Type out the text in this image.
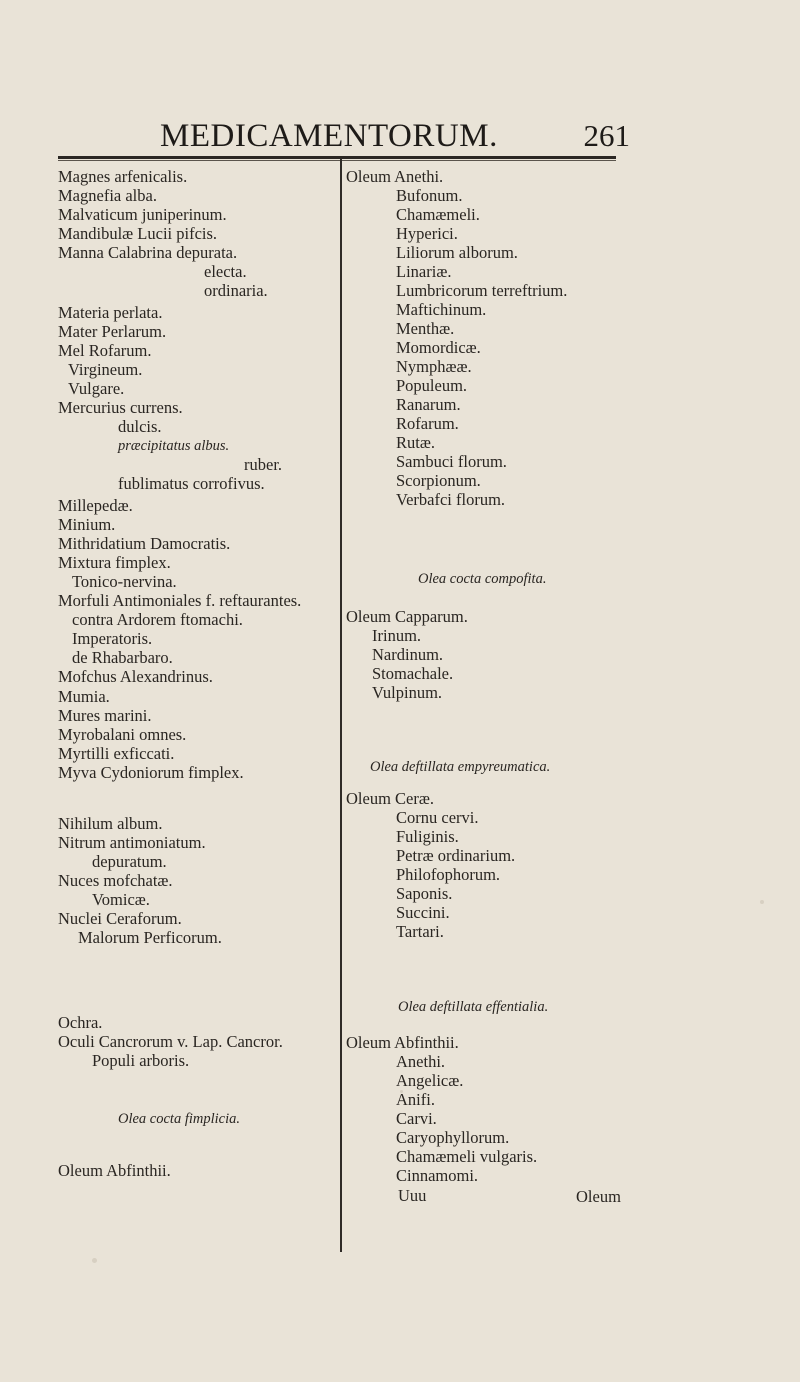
MEDICAMENTORUM.	261
Magnes arfenicalis.
Magnefia alba.
Malvaticum juniperinum.
Mandibulæ Lucii pifcis.
Manna Calabrina depurata.
electa.
ordinaria.
Materia perlata.
Mater Perlarum.
Mel Rofarum.
Virgineum.
Vulgare.
Mercurius currens.
dulcis.
præcipitatus albus.
ruber.
fublimatus corrofivus.
Millepedæ.
Minium.
Mithridatium Damocratis.
Mixtura fimplex.
Tonico-nervina.
Morfuli Antimoniales f. reftaurantes.
contra Ardorem ftomachi.
Imperatoris.
de Rhabarbaro.
Mofchus Alexandrinus.
Mumia.
Mures marini.
Myrobalani omnes.
Myrtilli exficcati.
Myva Cydoniorum fimplex.
Nihilum album.
Nitrum antimoniatum.
depuratum.
Nuces mofchatæ.
Vomicæ.
Nuclei Ceraforum.
Malorum Perficorum.
Ochra.
Oculi Cancrorum v. Lap. Cancror.
Populi arboris.
Olea cocta fimplicia.
Oleum Abfinthii.
Oleum Anethi.
Bufonum.
Chamæmeli.
Hyperici.
Liliorum alborum.
Linariæ.
Lumbricorum terreftrium.
Maftichinum.
Menthæ.
Momordicæ.
Nymphææ.
Populeum.
Ranarum.
Rofarum.
Rutæ.
Sambuci florum.
Scorpionum.
Verbafci florum.
Olea cocta compofita.
Oleum Capparum.
Irinum.
Nardinum.
Stomachale.
Vulpinum.
Olea deftillata empyreumatica.
Oleum Ceræ.
Cornu cervi.
Fuliginis.
Petræ ordinarium.
Philofophorum.
Saponis.
Succini.
Tartari.
Olea deftillata effentialia.
Oleum Abfinthii.
Anethi.
Angelicæ.
Anifi.
Carvi.
Caryophyllorum.
Chamæmeli vulgaris.
Cinnamomi.
Uuu	Oleum
